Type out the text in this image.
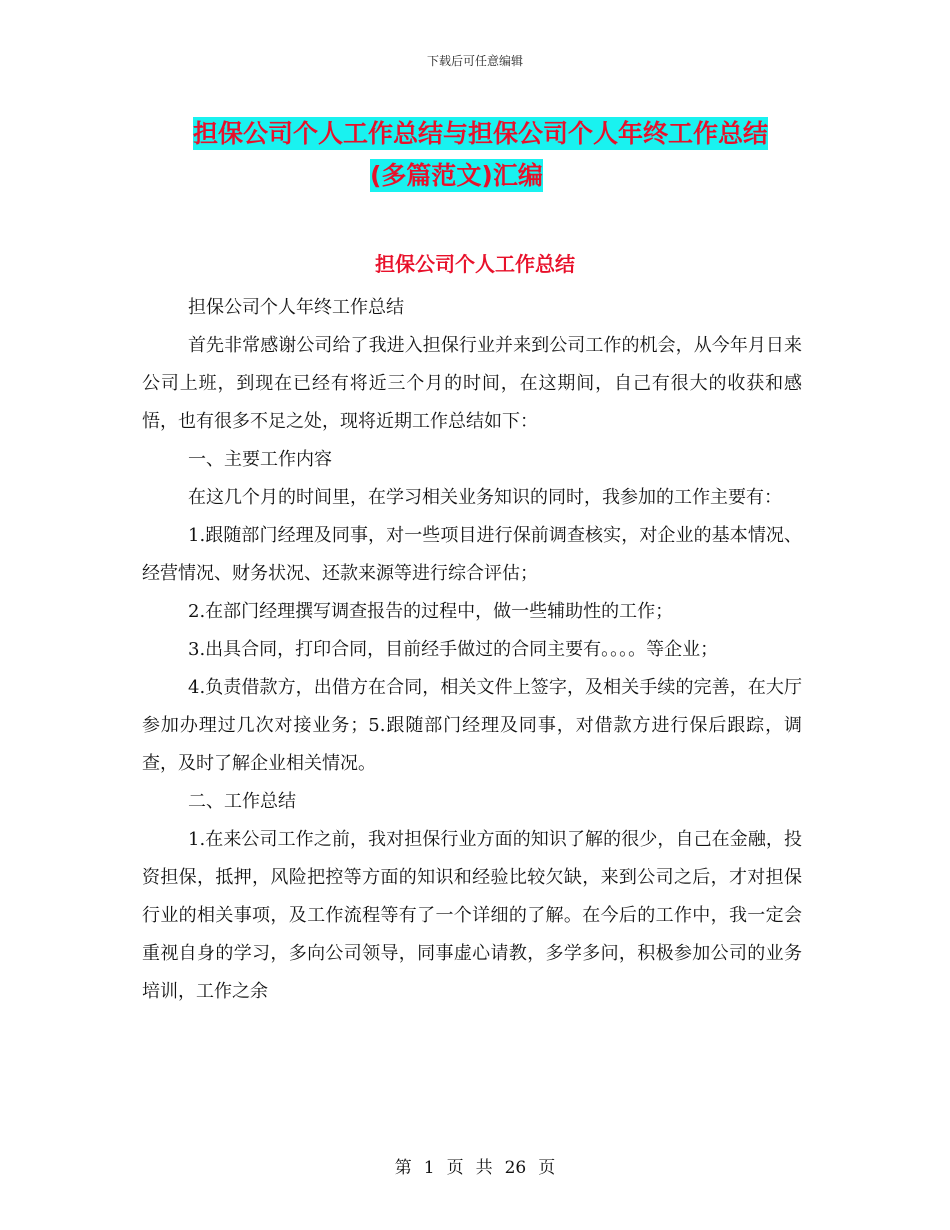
下载后可任意编辑
担保公司个人工作总结与担保公司个人年终工作总结
(多篇范文)汇编
担保公司个人工作总结

担保公司个人年终工作总结

首先非常感谢公司给了我进入担保行业并来到公司工作的机会，从今年月日来公司上班，到现在已经有将近三个月的时间，在这期间，自己有很大的收获和感悟，也有很多不足之处，现将近期工作总结如下：

一、主要工作内容

在这几个月的时间里，在学习相关业务知识的同时，我参加的工作主要有：

1.跟随部门经理及同事，对一些项目进行保前调查核实，对企业的基本情况、经营情况、财务状况、还款来源等进行综合评估；

2.在部门经理撰写调查报告的过程中，做一些辅助性的工作；

3.出具合同，打印合同，目前经手做过的合同主要有。。。。等企业；

4.负责借款方，出借方在合同，相关文件上签字，及相关手续的完善，在大厅参加办理过几次对接业务；5.跟随部门经理及同事，对借款方进行保后跟踪，调查，及时了解企业相关情况。

二、工作总结

1.在来公司工作之前，我对担保行业方面的知识了解的很少，自己在金融，投资担保，抵押，风险把控等方面的知识和经验比较欠缺，来到公司之后，才对担保行业的相关事项，及工作流程等有了一个详细的了解。在今后的工作中，我一定会重视自身的学习，多向公司领导，同事虚心请教，多学多问，积极参加公司的业务培训，工作之余

第 1 页 共 26 页
